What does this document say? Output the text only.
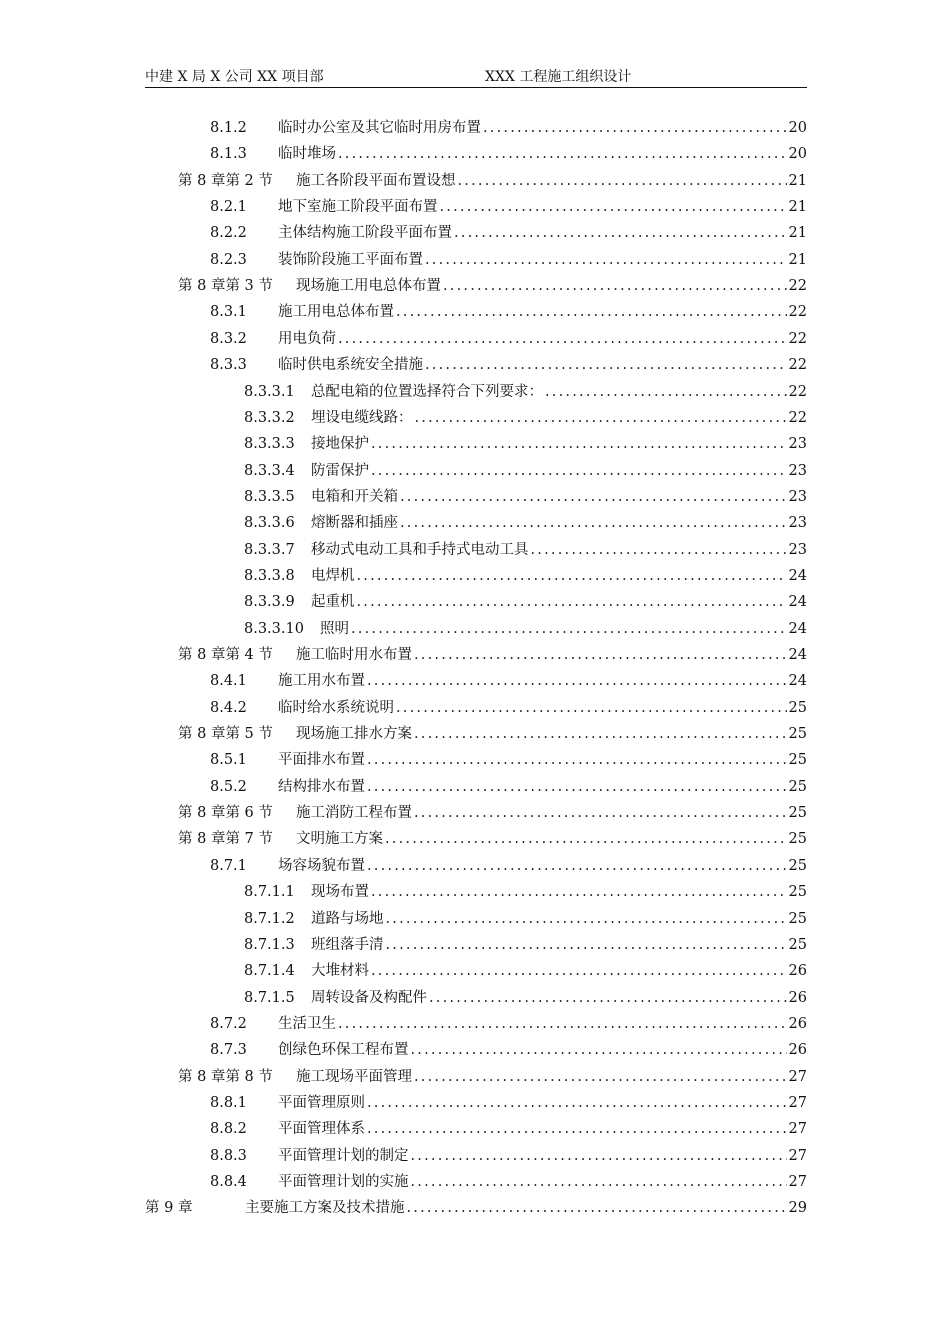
中建 X 局 X 公司 XX 项目部	XXX 工程施工组织设计
8.1.2	临时办公室及其它临时用房布置 .....	20
8.1.3	临时堆场 .....	20
第 8 章第 2 节	施工各阶段平面布置设想 .....	21
8.2.1	地下室施工阶段平面布置 .....	21
8.2.2	主体结构施工阶段平面布置 .....	21
8.2.3	装饰阶段施工平面布置 .....	21
第 8 章第 3 节	现场施工用电总体布置 .....	22
8.3.1	施工用电总体布置 .....	22
8.3.2	用电负荷 .....	22
8.3.3	临时供电系统安全措施 .....	22
8.3.3.1	总配电箱的位置选择符合下列要求： .....	22
8.3.3.2	埋设电缆线路： .....	22
8.3.3.3	接地保护 .....	23
8.3.3.4	防雷保护 .....	23
8.3.3.5	电箱和开关箱 .....	23
8.3.3.6	熔断器和插座 .....	23
8.3.3.7	移动式电动工具和手持式电动工具 .....	23
8.3.3.8	电焊机 .....	24
8.3.3.9	起重机 .....	24
8.3.3.10	照明 .....	24
第 8 章第 4 节	施工临时用水布置 .....	24
8.4.1	施工用水布置 .....	24
8.4.2	临时给水系统说明 .....	25
第 8 章第 5 节	现场施工排水方案 .....	25
8.5.1	平面排水布置 .....	25
8.5.2	结构排水布置 .....	25
第 8 章第 6 节	施工消防工程布置 .....	25
第 8 章第 7 节	文明施工方案 .....	25
8.7.1	场容场貌布置 .....	25
8.7.1.1	现场布置 .....	25
8.7.1.2	道路与场地 .....	25
8.7.1.3	班组落手清 .....	25
8.7.1.4	大堆材料 .....	26
8.7.1.5	周转设备及构配件 .....	26
8.7.2	生活卫生 .....	26
8.7.3	创绿色环保工程布置 .....	26
第 8 章第 8 节	施工现场平面管理 .....	27
8.8.1	平面管理原则 .....	27
8.8.2	平面管理体系 .....	27
8.8.3	平面管理计划的制定 .....	27
8.8.4	平面管理计划的实施 .....	27
第 9 章	主要施工方案及技术措施 .....	29
